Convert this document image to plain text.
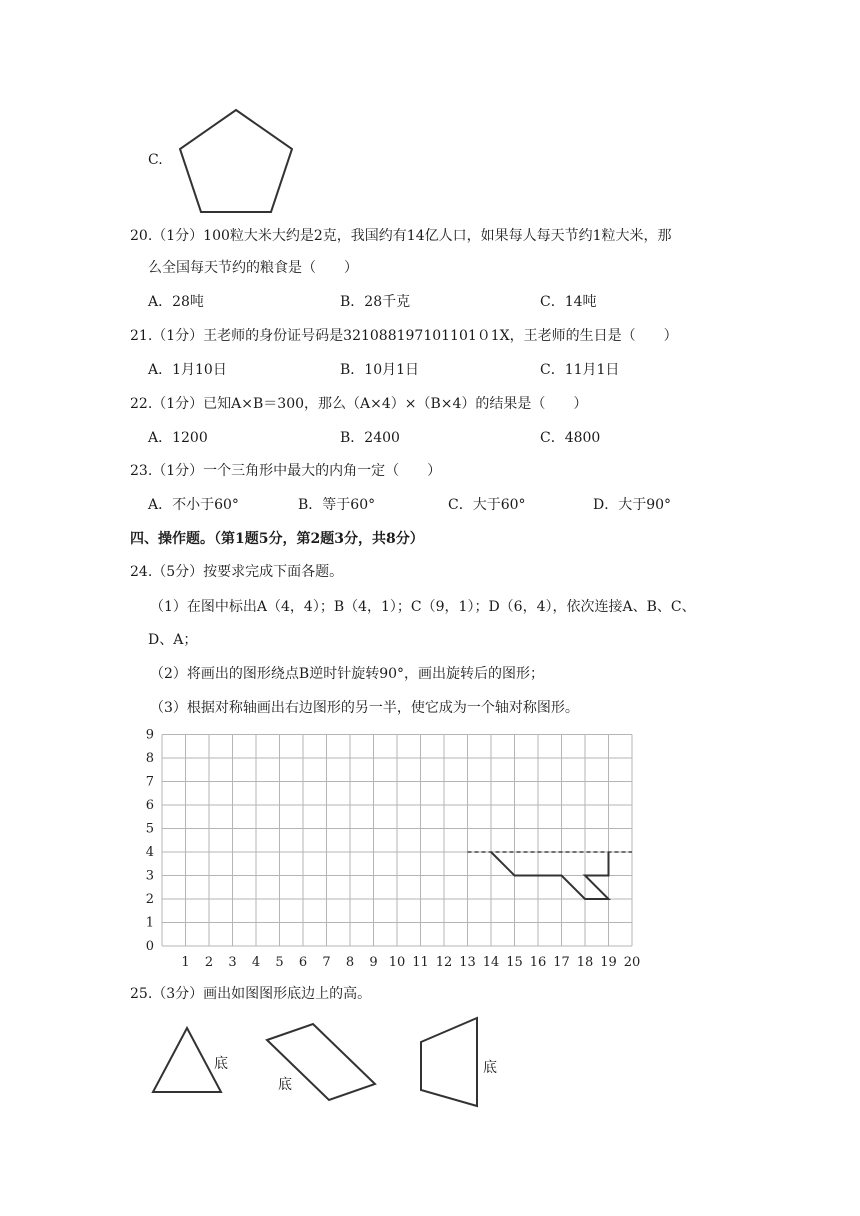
C.
20.（1分）100粒大米大约是2克，我国约有14亿人口，如果每人每天节约1粒大米，那
么全国每天节约的粮食是（　　）
A．28吨	B．28千克	C．14吨
21.（1分）王老师的身份证号码是321088197101101０1X，王老师的生日是（　　）
A．1月10日	B．10月1日	C．11月1日
22.（1分）已知A×B＝300，那么（A×4）×（B×4）的结果是（　　）
A．1200	B．2400	C．4800
23.（1分）一个三角形中最大的内角一定（　　）
A．不小于60°	B．等于60°	C．大于60°	D．大于90°
四、操作题。（第1题5分，第2题3分，共8分）
24.（5分）按要求完成下面各题。
（1）在图中标出A（4，4）；B（4，1）；C（9，1）；D（6，4），依次连接A、B、C、
D、A；
（2）将画出的图形绕点B逆时针旋转90°，画出旋转后的图形；
（3）根据对称轴画出右边图形的另一半，使它成为一个轴对称图形。
1 2 3 4 5 6 7 8 9 10 11 12 13 14 15 16 17 18 19 20
0
1
2
3
4
5
6
7
8
9
25.（3分）画出如图图形底边上的高。
底
底
底
